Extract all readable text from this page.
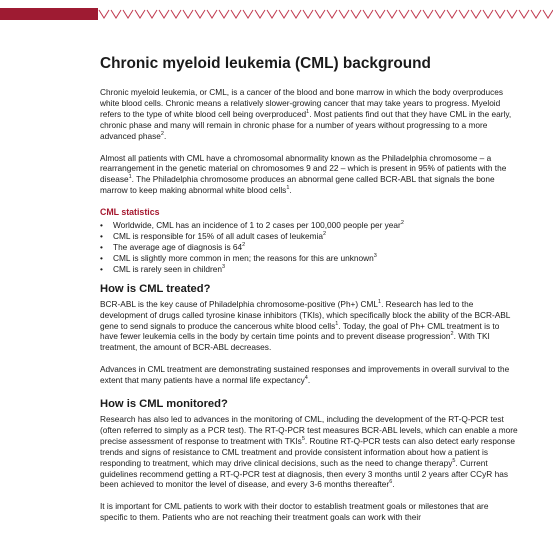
Chronic myeloid leukemia (CML) background

Chronic myeloid leukemia, or CML, is a cancer of the blood and bone marrow in which the body overproduces white blood cells. Chronic means a relatively slower-growing cancer that may take years to progress. Myeloid refers to the type of white blood cell being overproduced$^1$. Most patients find out that they have CML in the early, chronic phase and many will remain in chronic phase for a number of years without progressing to a more advanced phase$^2$.

Almost all patients with CML have a chromosomal abnormality known as the Philadelphia chromosome – a rearrangement in the genetic material on chromosomes 9 and 22 – which is present in 95% of patients with the disease$^1$. The Philadelphia chromosome produces an abnormal gene called BCR-ABL that signals the bone marrow to keep making abnormal white blood cells$^1$.

CML statistics
• Worldwide, CML has an incidence of 1 to 2 cases per 100,000 people per year$^2$
• CML is responsible for 15% of all adult cases of leukemia$^2$
• The average age of diagnosis is $64^2$
• CML is slightly more common in men; the reasons for this are unknown$^3$
• CML is rarely seen in children$^3$
How is CML treated?

BCR-ABL is the key cause of Philadelphia chromosome-positive (Ph+) CML$^1$. Research has led to the development of drugs called tyrosine kinase inhibitors (TKIs), which specifically block the ability of the BCR-ABL gene to send signals to produce the cancerous white blood cells$^1$. Today, the goal of Ph+ CML treatment is to have fewer leukemia cells in the body by certain time points and to prevent disease progression$^2$. With TKI treatment, the amount of BCR-ABL decreases.

Advances in CML treatment are demonstrating sustained responses and improvements in overall survival to the extent that many patients have a normal life expectancy$^4$.

How is CML monitored?

Research has also led to advances in the monitoring of CML, including the development of the RT-Q-PCR test (often referred to simply as a PCR test). The RT-Q-PCR test measures BCR-ABL levels, which can enable a more precise assessment of response to treatment with TKIs$^5$. Routine RT-Q-PCR tests can also detect early response trends and signs of resistance to CML treatment and provide consistent information about how a patient is responding to treatment, which may drive clinical decisions, such as the need to change therapy$^5$. Current guidelines recommend getting a RT-Q-PCR test at diagnosis, then every 3 months until 2 years after CCyR has been achieved to monitor the level of disease, and every 3-6 months thereafter$^6$.

It is important for CML patients to work with their doctor to establish treatment goals or milestones that are specific to them. Patients who are not reaching their treatment goals can work with their
